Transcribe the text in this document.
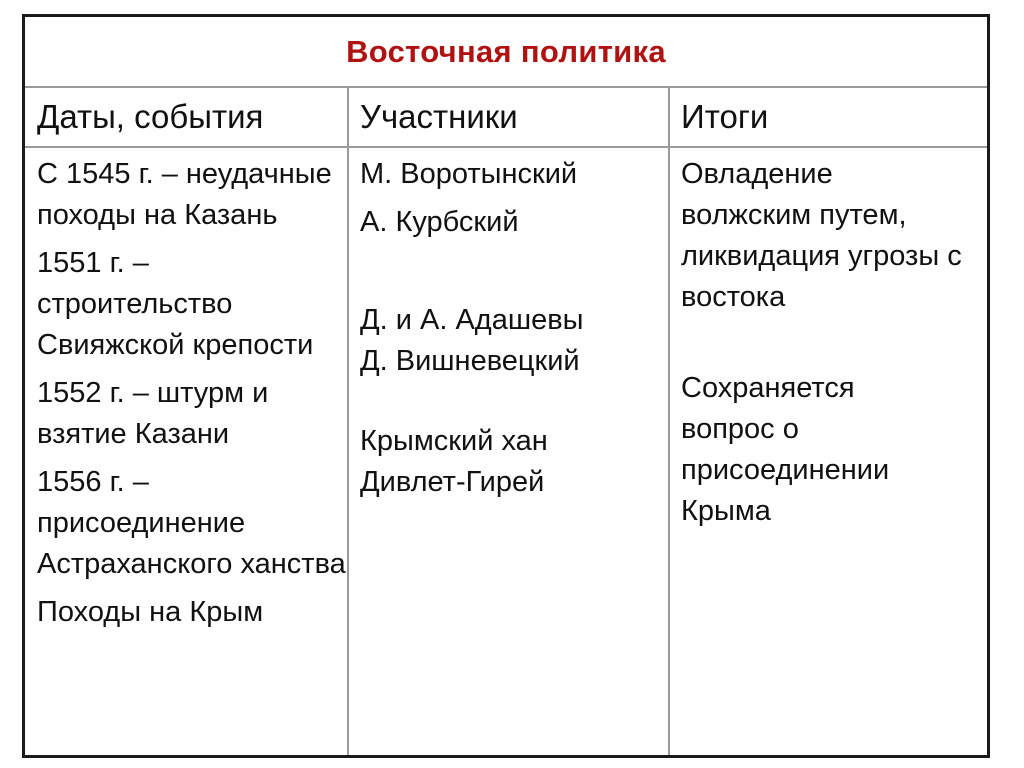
Восточная политика
Даты, события	Участники	Итоги

С 1545 г. – неудачные походы на Казань

1551 г. – строительство Свияжской крепости

1552 г. – штурм и взятие Казани

1556 г. – присоединение Астраханского ханства

Походы на Крым

М. Воротынский
А. Курбский
Д. и А. Адашевы
Д. Вишневецкий
Крымский хан Дивлет-Гирей
Овладение волжским путем, ликвидация угрозы с востока
Сохраняется вопрос о присоединении Крыма
